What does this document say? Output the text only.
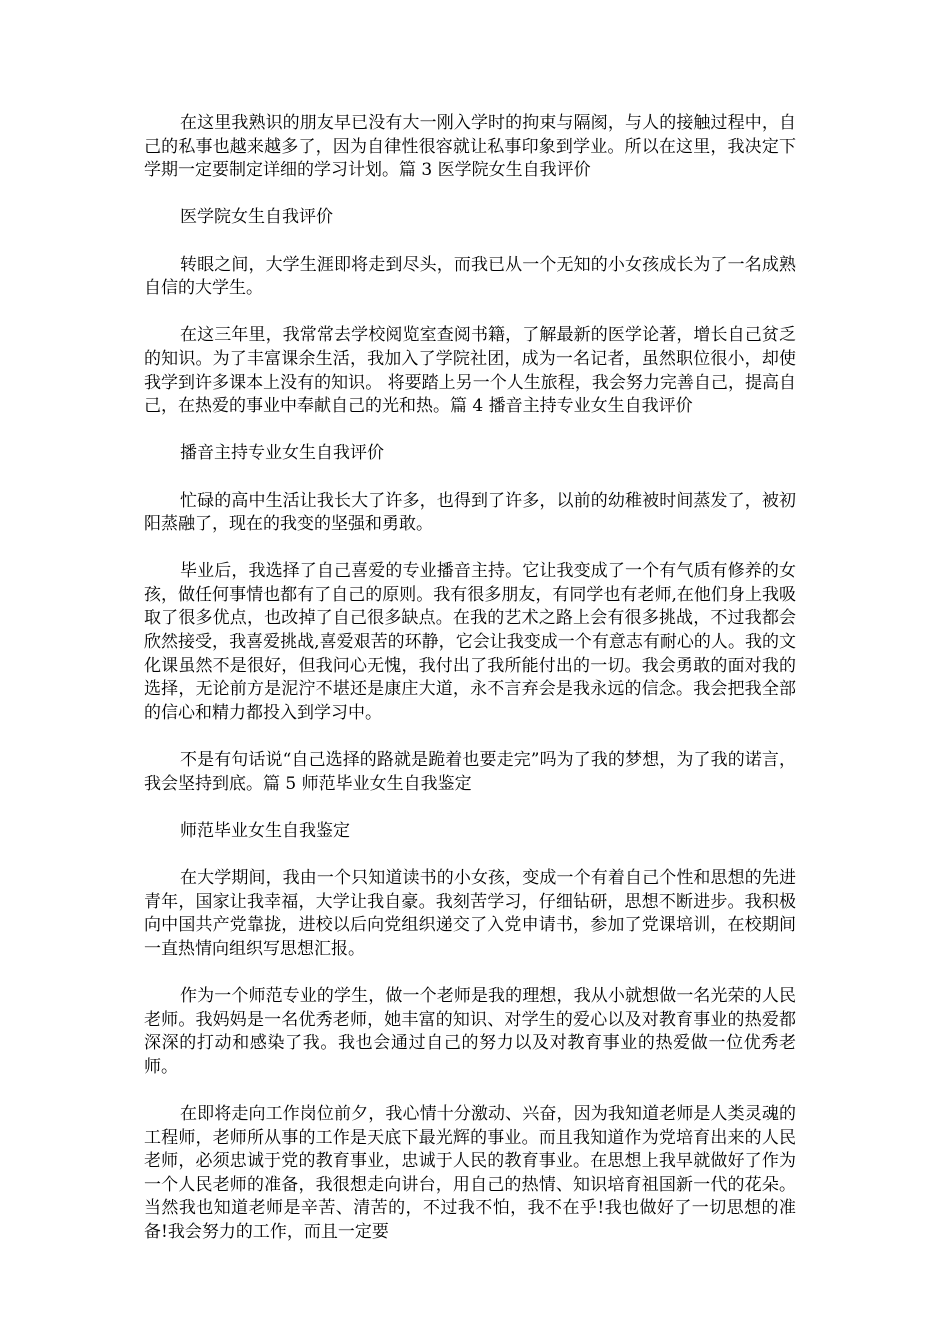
在这里我熟识的朋友早已没有大一刚入学时的拘束与隔阂，与人的接触过程中，自己的私事也越来越多了，因为自律性很容就让私事印象到学业。所以在这里，我决定下学期一定要制定详细的学习计划。篇 3 医学院女生自我评价

医学院女生自我评价

转眼之间，大学生涯即将走到尽头，而我已从一个无知的小女孩成长为了一名成熟自信的大学生。

在这三年里，我常常去学校阅览室查阅书籍，了解最新的医学论著，增长自己贫乏的知识。为了丰富课余生活，我加入了学院社团，成为一名记者，虽然职位很小，却使我学到许多课本上没有的知识。 将要踏上另一个人生旅程，我会努力完善自己，提高自己，在热爱的事业中奉献自己的光和热。篇 4 播音主持专业女生自我评价

播音主持专业女生自我评价

忙碌的高中生活让我长大了许多，也得到了许多，以前的幼稚被时间蒸发了，被初阳蒸融了，现在的我变的坚强和勇敢。

毕业后，我选择了自己喜爱的专业播音主持。它让我变成了一个有气质有修养的女孩，做任何事情也都有了自己的原则。我有很多朋友，有同学也有老师,在他们身上我吸取了很多优点，也改掉了自己很多缺点。在我的艺术之路上会有很多挑战，不过我都会欣然接受，我喜爱挑战,喜爱艰苦的环静，它会让我变成一个有意志有耐心的人。我的文化课虽然不是很好，但我问心无愧，我付出了我所能付出的一切。我会勇敢的面对我的选择，无论前方是泥泞不堪还是康庄大道，永不言弃会是我永远的信念。我会把我全部的信心和精力都投入到学习中。

不是有句话说“自己选择的路就是跪着也要走完”吗为了我的梦想，为了我的诺言，我会坚持到底。篇 5 师范毕业女生自我鉴定

师范毕业女生自我鉴定

在大学期间，我由一个只知道读书的小女孩，变成一个有着自己个性和思想的先进青年，国家让我幸福，大学让我自豪。我刻苦学习，仔细钻研，思想不断进步。我积极向中国共产党靠拢，进校以后向党组织递交了入党申请书，参加了党课培训，在校期间一直热情向组织写思想汇报。

作为一个师范专业的学生，做一个老师是我的理想，我从小就想做一名光荣的人民老师。我妈妈是一名优秀老师，她丰富的知识、对学生的爱心以及对教育事业的热爱都深深的打动和感染了我。我也会通过自己的努力以及对教育事业的热爱做一位优秀老师。

在即将走向工作岗位前夕，我心情十分激动、兴奋，因为我知道老师是人类灵魂的工程师，老师所从事的工作是天底下最光辉的事业。而且我知道作为党培育出来的人民老师，必须忠诚于党的教育事业，忠诚于人民的教育事业。在思想上我早就做好了作为一个人民老师的准备，我很想走向讲台，用自己的热情、知识培育祖国新一代的花朵。当然我也知道老师是辛苦、清苦的，不过我不怕，我不在乎!我也做好了一切思想的准备!我会努力的工作，而且一定要
